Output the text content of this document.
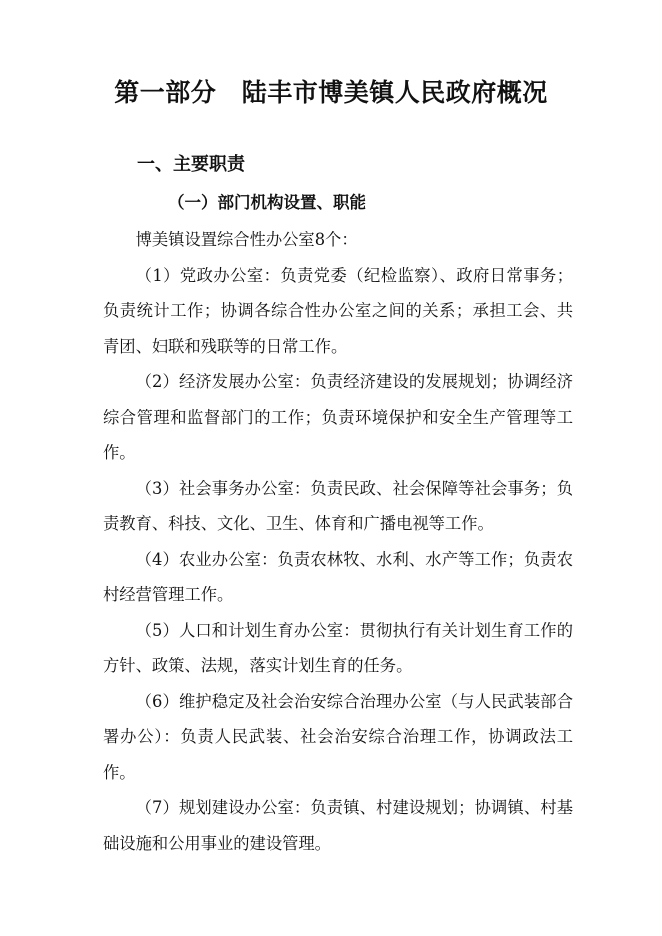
第一部分　陆丰市博美镇人民政府概况
一、主要职责
（一）部门机构设置、职能

博美镇设置综合性办公室8个：

（1）党政办公室：负责党委（纪检监察）、政府日常事务；负责统计工作；协调各综合性办公室之间的关系；承担工会、共青团、妇联和残联等的日常工作。

（2）经济发展办公室：负责经济建设的发展规划；协调经济综合管理和监督部门的工作；负责环境保护和安全生产管理等工作。

（3）社会事务办公室：负责民政、社会保障等社会事务；负责教育、科技、文化、卫生、体育和广播电视等工作。

（4）农业办公室：负责农林牧、水利、水产等工作；负责农村经营管理工作。

（5）人口和计划生育办公室：贯彻执行有关计划生育工作的方针、政策、法规，落实计划生育的任务。

（6）维护稳定及社会治安综合治理办公室（与人民武装部合署办公）：负责人民武装、社会治安综合治理工作，协调政法工作。

（7）规划建设办公室：负责镇、村建设规划；协调镇、村基础设施和公用事业的建设管理。
